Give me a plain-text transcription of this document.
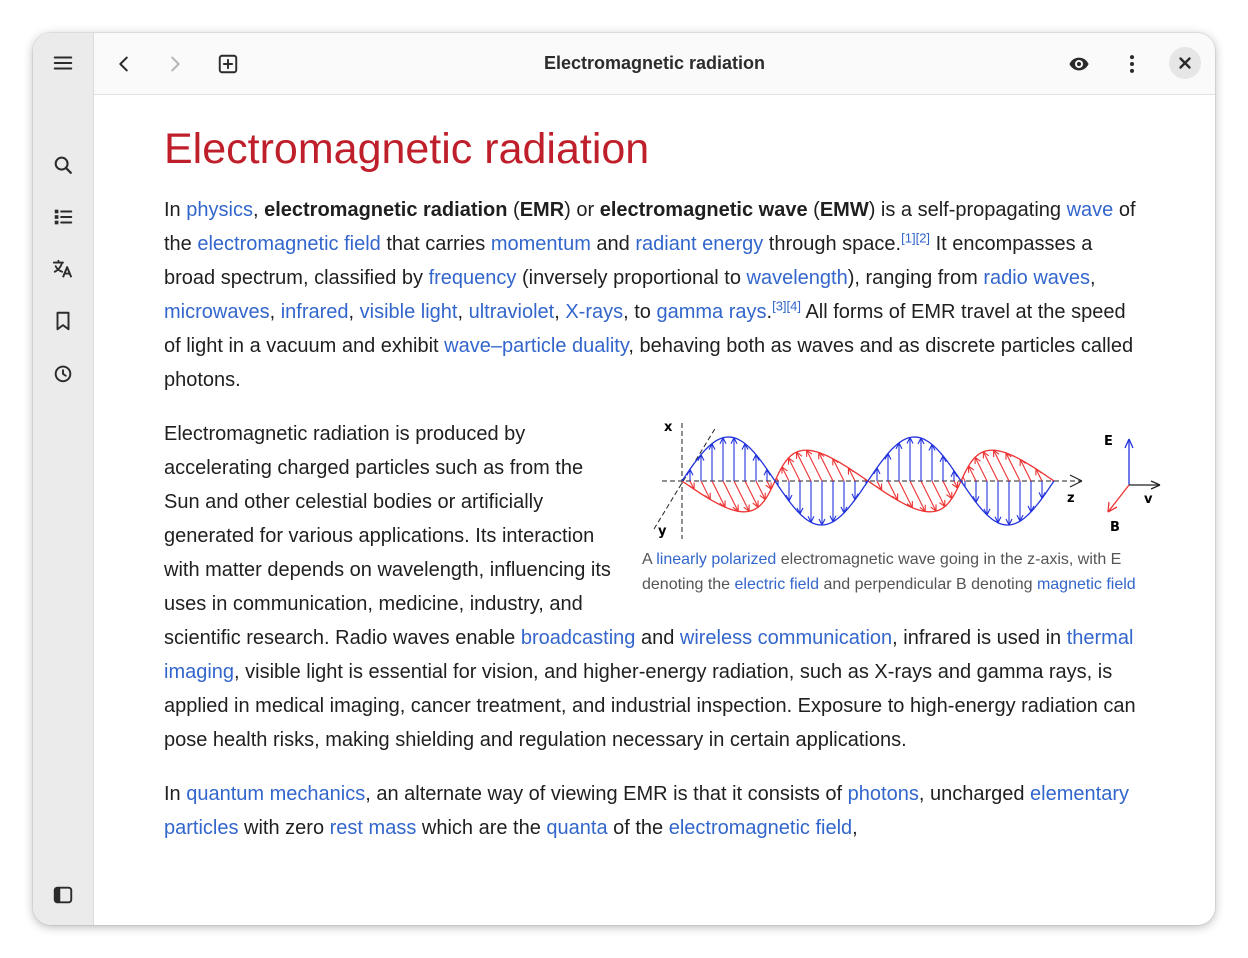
Electromagnetic radiation
Electromagnetic radiation

In physics, electromagnetic radiation (EMR) or electromagnetic wave (EMW) is a self-propagating wave of the electromagnetic field that carries momentum and radiant energy through space.[1][2] It encompasses a broad spectrum, classified by frequency (inversely proportional to wavelength), ranging from radio waves, microwaves, infrared, visible light, ultraviolet, X-rays, to gamma rays.[3][4] All forms of EMR travel at the speed of light in a vacuum and exhibit wave–particle duality, behaving both as waves and as discrete particles called photons.

x
y
z
E
v
B
A linearly polarized electromagnetic wave going in the z-axis, with E denoting the electric field and perpendicular B denoting magnetic field

Electromagnetic radiation is produced by accelerating charged particles such as from the Sun and other celestial bodies or artificially generated for various applications. Its interaction with matter depends on wavelength, influencing its uses in communication, medicine, industry, and scientific research. Radio waves enable broadcasting and wireless communication, infrared is used in thermal imaging, visible light is essential for vision, and higher-energy radiation, such as X-rays and gamma rays, is applied in medical imaging, cancer treatment, and industrial inspection. Exposure to high-energy radiation can pose health risks, making shielding and regulation necessary in certain applications.

In quantum mechanics, an alternate way of viewing EMR is that it consists of photons, uncharged elementary particles with zero rest mass which are the quanta of the electromagnetic field,
